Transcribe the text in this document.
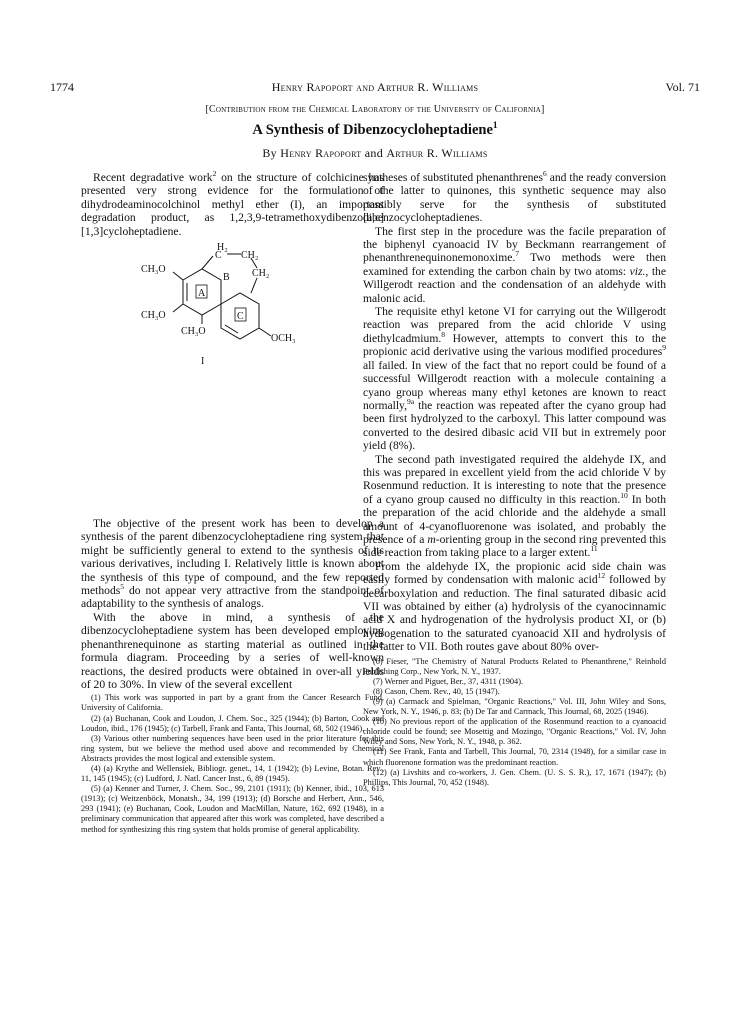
1774	Henry Rapoport and Arthur R. Williams	Vol. 71
[Contribution from the Chemical Laboratory of the University of California]
A Synthesis of Dibenzocycloheptadiene$^1$
By Henry Rapoport and Arthur R. Williams

Recent degradative work$^2$ on the structure of colchicine has presented very strong evidence for the formulation of dihydrodeaminocolchinol methyl ether (I), an important degradation product, as 1,2,3,9-tetramethoxydibenzo[a,c][1,3]cycloheptadiene.

H₂
C CH₂
CH₂
CH₃O
CH₃O
CH₃O
OCH₃
A
B
C
I

The objective of the present work has been to develop a synthesis of the parent dibenzocycloheptadiene ring system that might be sufficiently general to extend to the synthesis of its various derivatives, including I. Relatively little is known about the synthesis of this type of compound, and the few reported methods$^5$ do not appear very attractive from the standpoint of adaptability to the synthesis of analogs.

With the above in mind, a synthesis of the dibenzocycloheptadiene system has been developed employing phenanthrenequinone as starting material as outlined in the formula diagram. Proceeding by a series of well-known reactions, the desired products were obtained in over-all yields of 20 to 30%. In view of the several excellent

(1) This work was supported in part by a grant from the Cancer Research Fund, University of California.

(2) (a) Buchanan, Cook and Loudon, J. Chem. Soc., 325 (1944); (b) Barton, Cook and Loudon, ibid., 176 (1945); (c) Tarbell, Frank and Fanta, This Journal, 68, 502 (1946).

(3) Various other numbering sequences have been used in the prior literature for this ring system, but we believe the method used above and recommended by Chemical Abstracts provides the most logical and extensible system.

(4) (a) Krythe and Wellensiek, Bibliogr. genet., 14, 1 (1942); (b) Levine, Botan. Rev., 11, 145 (1945); (c) Ludford, J. Natl. Cancer Inst., 6, 89 (1945).

(5) (a) Kenner and Turner, J. Chem. Soc., 99, 2101 (1911); (b) Kenner, ibid., 103, 613 (1913); (c) Weitzenböck, Monatsh., 34, 199 (1913); (d) Borsche and Herbert, Ann., 546, 293 (1941); (e) Buchanan, Cook, Loudon and MacMillan, Nature, 162, 692 (1948), in a preliminary communication that appeared after this work was completed, have described a method for synthesizing this ring system that holds promise of general applicability.

syntheses of substituted phenanthrenes$^6$ and the ready conversion of the latter to quinones, this synthetic sequence may also possibly serve for the synthesis of substituted dibenzocycloheptadienes.

The first step in the procedure was the facile preparation of the biphenyl cyanoacid IV by Beckmann rearrangement of phenanthrenequinonemonoxime.$^7$ Two methods were then examined for extending the carbon chain by two atoms: viz., the Willgerodt reaction and the condensation of an aldehyde with malonic acid.

The requisite ethyl ketone VI for carrying out the Willgerodt reaction was prepared from the acid chloride V using diethylcadmium.$^8$ However, attempts to convert this to the propionic acid derivative using the various modified procedures$^9$ all failed. In view of the fact that no report could be found of a successful Willgerodt reaction with a molecule containing a cyano group whereas many ethyl ketones are known to react normally,$^{9a}$ the reaction was repeated after the cyano group had been first hydrolyzed to the carboxyl. This latter compound was converted to the desired dibasic acid VII but in extremely poor yield (8%).

The second path investigated required the aldehyde IX, and this was prepared in excellent yield from the acid chloride V by Rosenmund reduction. It is interesting to note that the presence of a cyano group caused no difficulty in this reaction.$^{10}$ In both the preparation of the acid chloride and the aldehyde a small amount of 4-cyanofluorenone was isolated, and probably the presence of a m-orienting group in the second ring prevented this side reaction from taking place to a larger extent.$^{11}$

From the aldehyde IX, the propionic acid side chain was easily formed by condensation with malonic acid$^{12}$ followed by decarboxylation and reduction. The final saturated dibasic acid VII was obtained by either (a) hydrolysis of the cyanocinnamic acid X and hydrogenation of the hydrolysis product XI, or (b) hydrogenation to the saturated cyanoacid XII and hydrolysis of the latter to VII. Both routes gave about 80% over-

(6) Fieser, "The Chemistry of Natural Products Related to Phenanthrene," Reinhold Publishing Corp., New York, N. Y., 1937.

(7) Werner and Piguet, Ber., 37, 4311 (1904).

(8) Cason, Chem. Rev., 40, 15 (1947).

(9) (a) Carmack and Spielman, "Organic Reactions," Vol. III, John Wiley and Sons, New York, N. Y., 1946, p. 83; (b) De Tar and Carmack, This Journal, 68, 2025 (1946).

(10) No previous report of the application of the Rosenmund reaction to a cyanoacid chloride could be found; see Mosettig and Mozingo, "Organic Reactions," Vol. IV, John Wiley and Sons, New York, N. Y., 1948, p. 362.

(11) See Frank, Fanta and Tarbell, This Journal, 70, 2314 (1948), for a similar case in which fluorenone formation was the predominant reaction.

(12) (a) Livshits and co-workers, J. Gen. Chem. (U. S. S. R.), 17, 1671 (1947); (b) Phillips, This Journal, 70, 452 (1948).
